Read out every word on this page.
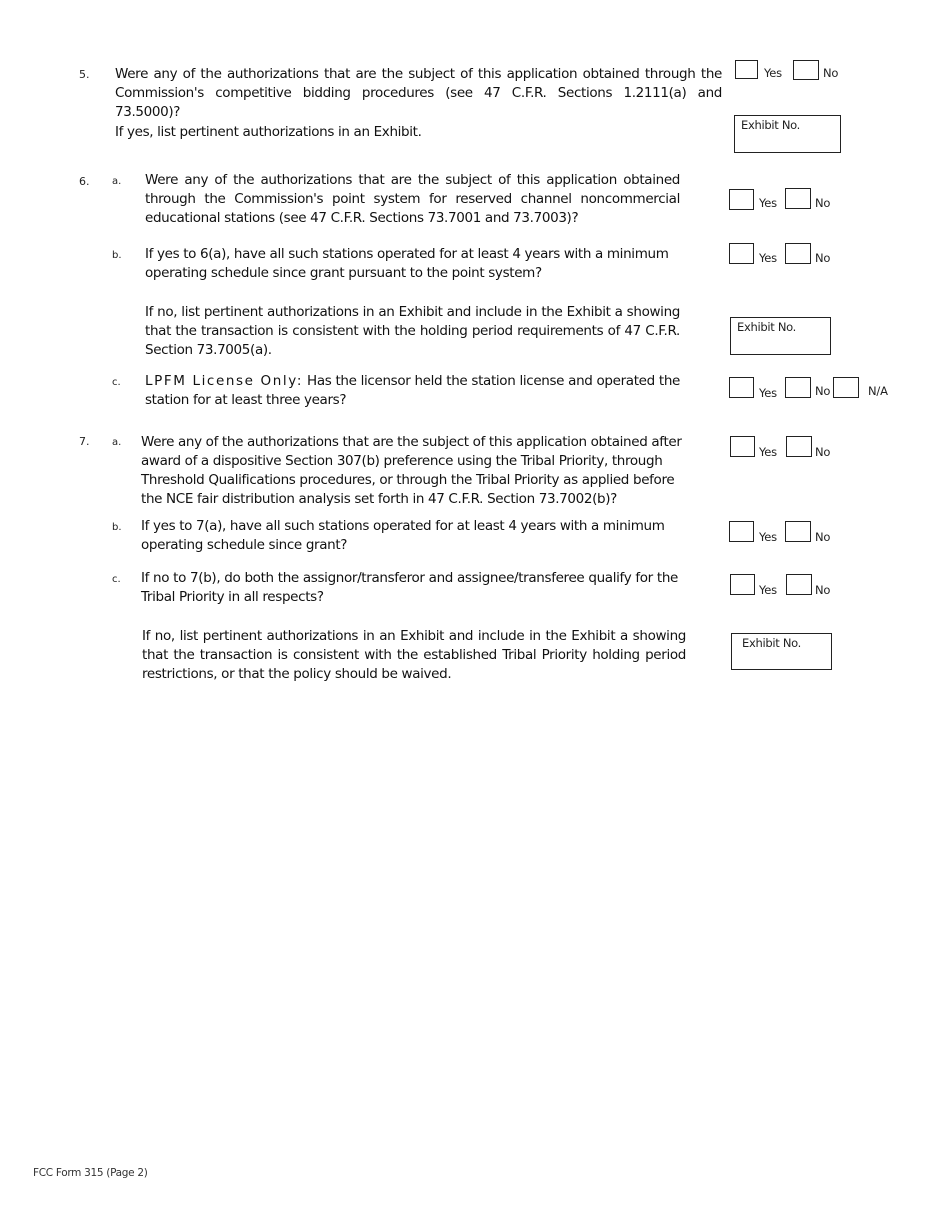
5. Were any of the authorizations that are the subject of this application obtained through the Commission's competitive bidding procedures (see 47 C.F.R. Sections 1.2111(a) and 73.5000)?
Yes	No
If yes, list pertinent authorizations in an Exhibit.	Exhibit No.
6. a. Were any of the authorizations that are the subject of this application obtained through the Commission's point system for reserved channel noncommercial educational stations (see 47 C.F.R. Sections 73.7001 and 73.7003)?
Yes	No
b. If yes to 6(a), have all such stations operated for at least 4 years with a minimum operating schedule since grant pursuant to the point system?
Yes	No
If no, list pertinent authorizations in an Exhibit and include in the Exhibit a showing that the transaction is consistent with the holding period requirements of 47 C.F.R. Section 73.7005(a).
Exhibit No.
c. LPFM License Only: Has the licensor held the station license and operated the station for at least three years?	Yes	No	N/A
7. a. Were any of the authorizations that are the subject of this application obtained after award of a dispositive Section 307(b) preference using the Tribal Priority, through Threshold Qualifications procedures, or through the Tribal Priority as applied before the NCE fair distribution analysis set forth in 47 C.F.R. Section 73.7002(b)?
Yes	No
b. If yes to 7(a), have all such stations operated for at least 4 years with a minimum operating schedule since grant?	Yes	No
c. If no to 7(b), do both the assignor/transferor and assignee/transferee qualify for the Tribal Priority in all respects?	Yes	No
If no, list pertinent authorizations in an Exhibit and include in the Exhibit a showing that the transaction is consistent with the established Tribal Priority holding period restrictions, or that the policy should be waived.
Exhibit No.
FCC Form 315 (Page 2)
